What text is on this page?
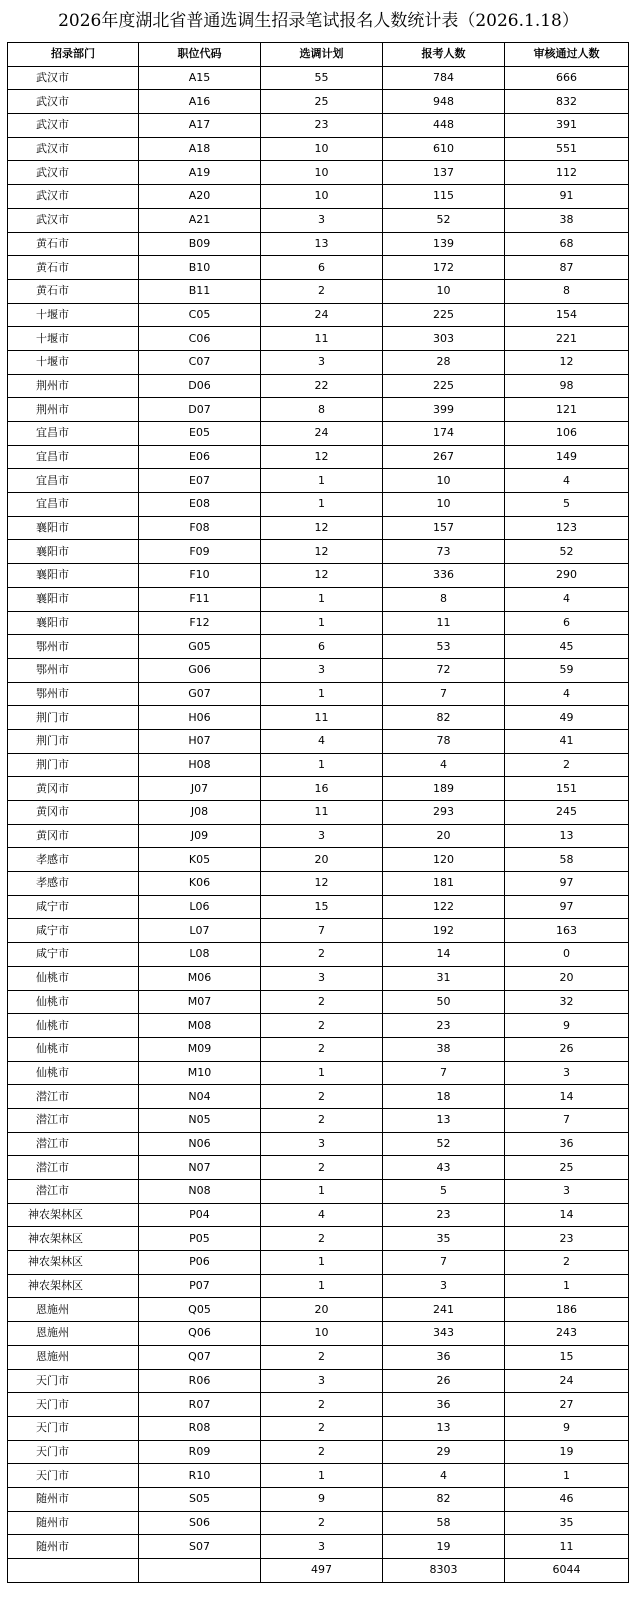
2026年度湖北省普通选调生招录笔试报名人数统计表（2026.1.18）
招录部门	职位代码	选调计划	报考人数	审核通过人数
武汉市	A15	55	784	666
武汉市	A16	25	948	832
武汉市	A17	23	448	391
武汉市	A18	10	610	551
武汉市	A19	10	137	112
武汉市	A20	10	115	91
武汉市	A21	3	52	38
黄石市	B09	13	139	68
黄石市	B10	6	172	87
黄石市	B11	2	10	8
十堰市	C05	24	225	154
十堰市	C06	11	303	221
十堰市	C07	3	28	12
荆州市	D06	22	225	98
荆州市	D07	8	399	121
宜昌市	E05	24	174	106
宜昌市	E06	12	267	149
宜昌市	E07	1	10	4
宜昌市	E08	1	10	5
襄阳市	F08	12	157	123
襄阳市	F09	12	73	52
襄阳市	F10	12	336	290
襄阳市	F11	1	8	4
襄阳市	F12	1	11	6
鄂州市	G05	6	53	45
鄂州市	G06	3	72	59
鄂州市	G07	1	7	4
荆门市	H06	11	82	49
荆门市	H07	4	78	41
荆门市	H08	1	4	2
黄冈市	J07	16	189	151
黄冈市	J08	11	293	245
黄冈市	J09	3	20	13
孝感市	K05	20	120	58
孝感市	K06	12	181	97
咸宁市	L06	15	122	97
咸宁市	L07	7	192	163
咸宁市	L08	2	14	0
仙桃市	M06	3	31	20
仙桃市	M07	2	50	32
仙桃市	M08	2	23	9
仙桃市	M09	2	38	26
仙桃市	M10	1	7	3
潜江市	N04	2	18	14
潜江市	N05	2	13	7
潜江市	N06	3	52	36
潜江市	N07	2	43	25
潜江市	N08	1	5	3
神农架林区	P04	4	23	14
神农架林区	P05	2	35	23
神农架林区	P06	1	7	2
神农架林区	P07	1	3	1
恩施州	Q05	20	241	186
恩施州	Q06	10	343	243
恩施州	Q07	2	36	15
天门市	R06	3	26	24
天门市	R07	2	36	27
天门市	R08	2	13	9
天门市	R09	2	29	19
天门市	R10	1	4	1
随州市	S05	9	82	46
随州市	S06	2	58	35
随州市	S07	3	19	11
		497	8303	6044
